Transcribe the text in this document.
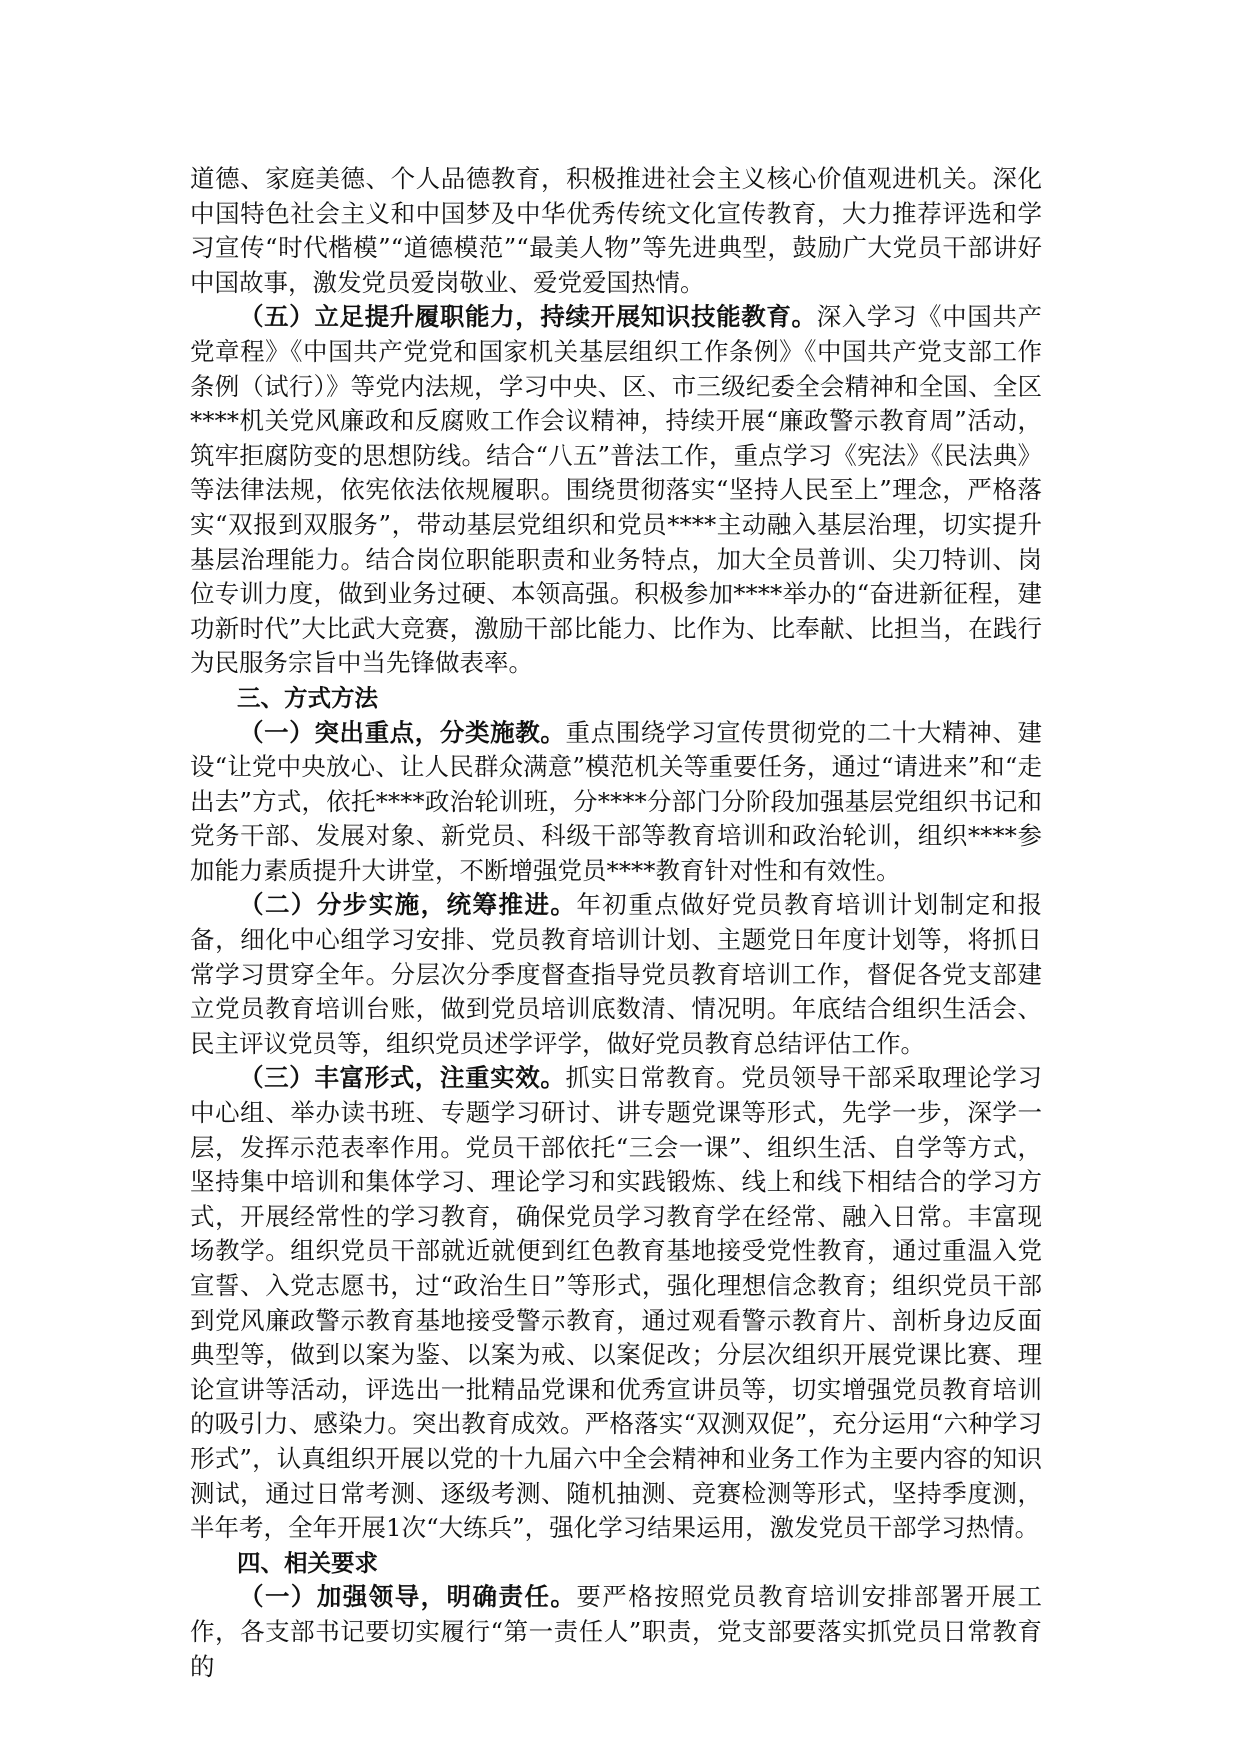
道德、家庭美德、个人品德教育，积极推进社会主义核心价值观进机关。深化中国特色社会主义和中国梦及中华优秀传统文化宣传教育，大力推荐评选和学习宣传“时代楷模”“道德模范”“最美人物”等先进典型，鼓励广大党员干部讲好中国故事，激发党员爱岗敬业、爱党爱国热情。

（五）立足提升履职能力，持续开展知识技能教育。深入学习《中国共产党章程》《中国共产党党和国家机关基层组织工作条例》《中国共产党支部工作条例（试行）》等党内法规，学习中央、区、市三级纪委全会精神和全国、全区****机关党风廉政和反腐败工作会议精神，持续开展“廉政警示教育周”活动，筑牢拒腐防变的思想防线。结合“八五”普法工作，重点学习《宪法》《民法典》等法律法规，依宪依法依规履职。围绕贯彻落实“坚持人民至上”理念，严格落实“双报到双服务”，带动基层党组织和党员****主动融入基层治理，切实提升基层治理能力。结合岗位职能职责和业务特点，加大全员普训、尖刀特训、岗位专训力度，做到业务过硬、本领高强。积极参加****举办的“奋进新征程，建功新时代”大比武大竞赛，激励干部比能力、比作为、比奉献、比担当，在践行为民服务宗旨中当先锋做表率。

三、方式方法

（一）突出重点，分类施教。重点围绕学习宣传贯彻党的二十大精神、建设“让党中央放心、让人民群众满意”模范机关等重要任务，通过“请进来”和“走出去”方式，依托****政治轮训班，分****分部门分阶段加强基层党组织书记和党务干部、发展对象、新党员、科级干部等教育培训和政治轮训，组织****参加能力素质提升大讲堂，不断增强党员****教育针对性和有效性。

（二）分步实施，统筹推进。年初重点做好党员教育培训计划制定和报备，细化中心组学习安排、党员教育培训计划、主题党日年度计划等，将抓日常学习贯穿全年。分层次分季度督查指导党员教育培训工作，督促各党支部建立党员教育培训台账，做到党员培训底数清、情况明。年底结合组织生活会、民主评议党员等，组织党员述学评学，做好党员教育总结评估工作。

（三）丰富形式，注重实效。抓实日常教育。党员领导干部采取理论学习中心组、举办读书班、专题学习研讨、讲专题党课等形式，先学一步，深学一层，发挥示范表率作用。党员干部依托“三会一课”、组织生活、自学等方式，坚持集中培训和集体学习、理论学习和实践锻炼、线上和线下相结合的学习方式，开展经常性的学习教育，确保党员学习教育学在经常、融入日常。丰富现场教学。组织党员干部就近就便到红色教育基地接受党性教育，通过重温入党宣誓、入党志愿书，过“政治生日”等形式，强化理想信念教育；组织党员干部到党风廉政警示教育基地接受警示教育，通过观看警示教育片、剖析身边反面典型等，做到以案为鉴、以案为戒、以案促改；分层次组织开展党课比赛、理论宣讲等活动，评选出一批精品党课和优秀宣讲员等，切实增强党员教育培训的吸引力、感染力。突出教育成效。严格落实“双测双促”，充分运用“六种学习形式”，认真组织开展以党的十九届六中全会精神和业务工作为主要内容的知识测试，通过日常考测、逐级考测、随机抽测、竞赛检测等形式，坚持季度测，半年考，全年开展1次“大练兵”，强化学习结果运用，激发党员干部学习热情。

四、相关要求

（一）加强领导，明确责任。要严格按照党员教育培训安排部署开展工作，各支部书记要切实履行“第一责任人”职责，党支部要落实抓党员日常教育的
